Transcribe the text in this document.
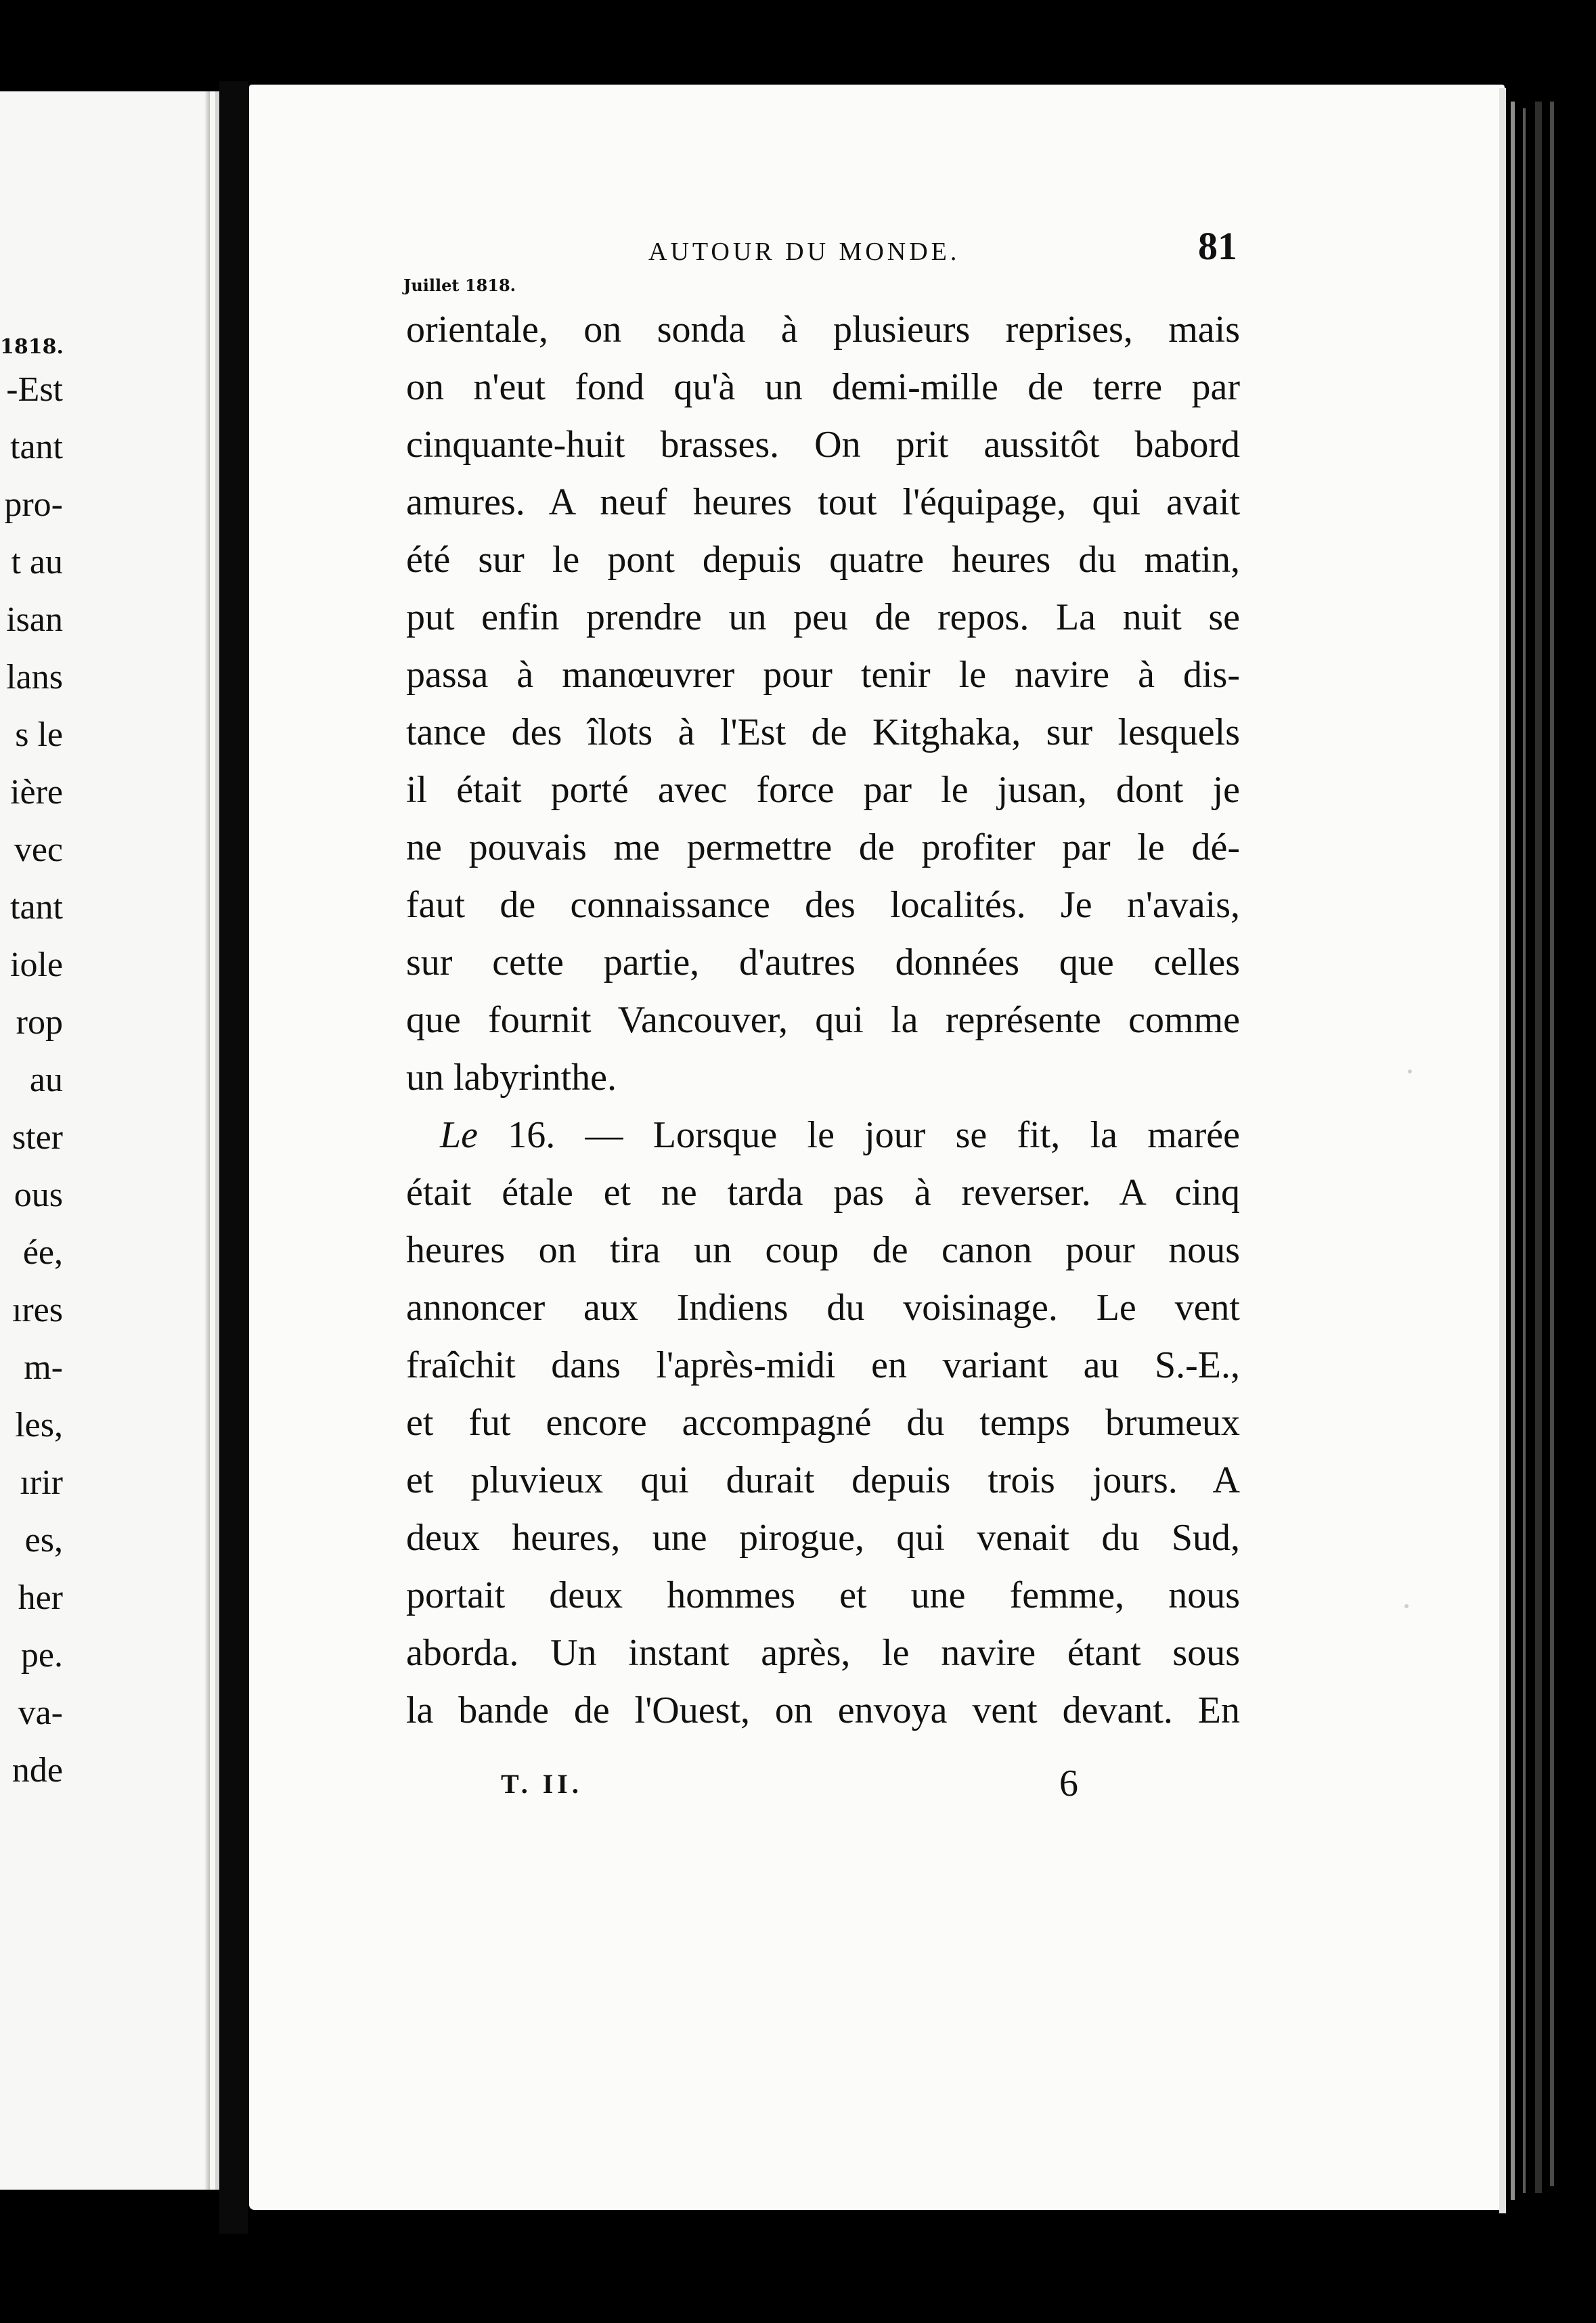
1818.
-Est
tant
pro-
t au
isan
lans
s le
ière
vec
tant
iole
rop
au
ster
ous
ée,
ıres
m-
les,
ırir
es,
her
pe.
va-
nde
AUTOUR DU MONDE.	81
Juillet 1818.
orientale, on sonda à plusieurs reprises, mais
on n'eut fond qu'à un demi-mille de terre par
cinquante-huit brasses. On prit aussitôt babord
amures. A neuf heures tout l'équipage, qui avait
été sur le pont depuis quatre heures du matin,
put enfin prendre un peu de repos. La nuit se
passa à manœuvrer pour tenir le navire à dis-
tance des îlots à l'Est de Kitghaka, sur lesquels
il était porté avec force par le jusan, dont je
ne pouvais me permettre de profiter par le dé-
faut de connaissance des localités. Je n'avais,
sur cette partie, d'autres données que celles
que fournit Vancouver, qui la représente comme
un labyrinthe.
Le 16. — Lorsque le jour se fit, la marée
était étale et ne tarda pas à reverser. A cinq
heures on tira un coup de canon pour nous
annoncer aux Indiens du voisinage. Le vent
fraîchit dans l'après-midi en variant au S.-E.,
et fut encore accompagné du temps brumeux
et pluvieux qui durait depuis trois jours. A
deux heures, une pirogue, qui venait du Sud,
portait deux hommes et une femme, nous
aborda. Un instant après, le navire étant sous
la bande de l'Ouest, on envoya vent devant. En
T. II.	6
